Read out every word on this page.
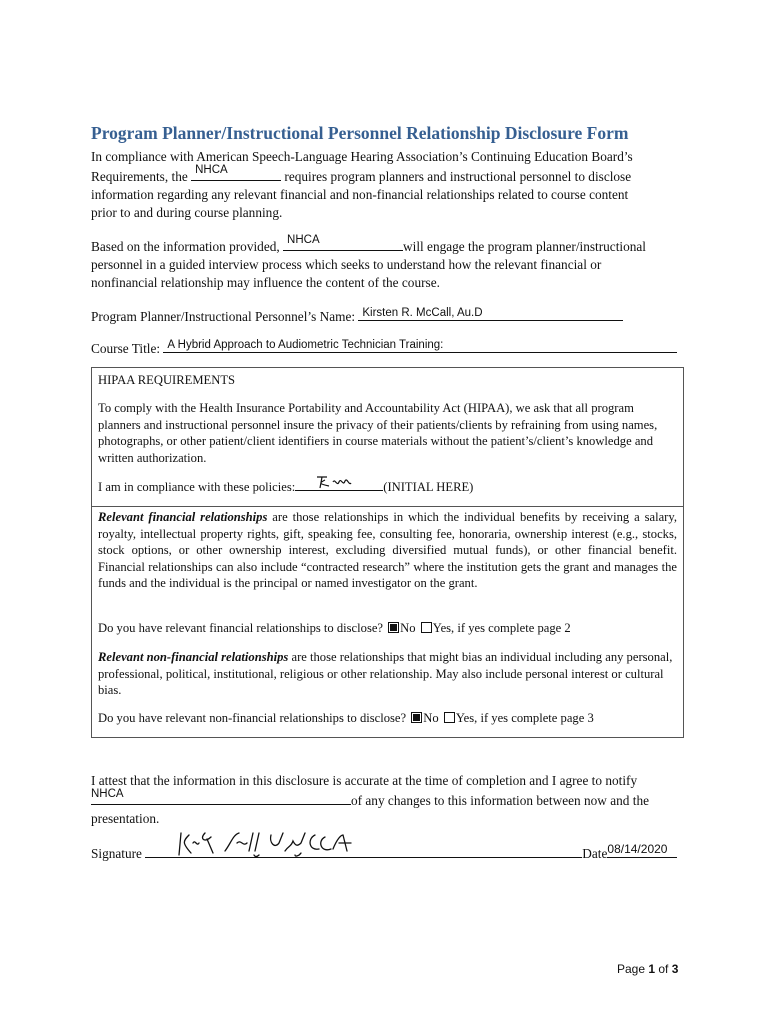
Program Planner/Instructional Personnel Relationship Disclosure Form
In compliance with American Speech-Language Hearing Association’s Continuing Education Board’s
Requirements, the NHCA	requires program planners and instructional personnel to disclose
information regarding any relevant financial and non-financial relationships related to course content
prior to and during course planning.
Based on the information provided, NHCA	will engage the program planner/instructional
personnel in a guided interview process which seeks to understand how the relevant financial or
nonfinancial relationship may influence the content of the course.
Program Planner/Instructional Personnel’s Name: Kirsten R. McCall, Au.D
Course Title: A Hybrid Approach to Audiometric Technician Training:
HIPAA REQUIREMENTS
To comply with the Health Insurance Portability and Accountability Act (HIPAA), we ask that all program planners and instructional personnel insure the privacy of their patients/clients by refraining from using names, photographs, or other patient/client identifiers in course materials without the patient’s/client’s knowledge and written authorization.
I am in compliance with these policies:	(INITIAL HERE)
Relevant financial relationships are those relationships in which the individual benefits by receiving a salary, royalty, intellectual property rights, gift, speaking fee, consulting fee, honoraria, ownership interest (e.g., stocks, stock options, or other ownership interest, excluding diversified mutual funds), or other financial benefit. Financial relationships can also include “contracted research” where the institution gets the grant and manages the funds and the individual is the principal or named investigator on the grant.
Do you have relevant financial relationships to disclose? No Yes, if yes complete page 2
Relevant non-financial relationships are those relationships that might bias an individual including any personal, professional, political, institutional, religious or other relationship. May also include personal interest or cultural bias.
Do you have relevant non-financial relationships to disclose? No Yes, if yes complete page 3
I attest that the information in this disclosure is accurate at the time of completion and I agree to notify
NHCA	of any changes to this information between now and the
presentation.
Signature	Date 08/14/2020
Page 1 of 3
